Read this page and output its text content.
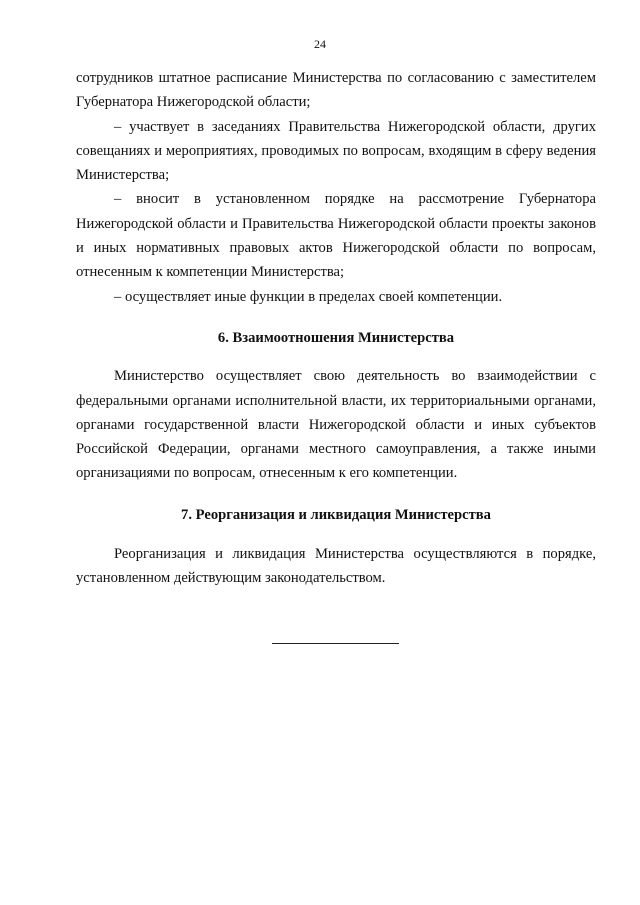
24

сотрудников штатное расписание Министерства по согласованию с заместителем Губернатора Нижегородской области;

– участвует в заседаниях Правительства Нижегородской области, других совещаниях и мероприятиях, проводимых по вопросам, входящим в сферу ведения Министерства;

– вносит в установленном порядке на рассмотрение Губернатора Нижегородской области и Правительства Нижегородской области проекты законов и иных нормативных правовых актов Нижегородской области по вопросам, отнесенным к компетенции Министерства;

– осуществляет иные функции в пределах своей компетенции.

6. Взаимоотношения Министерства

Министерство осуществляет свою деятельность во взаимодействии с федеральными органами исполнительной власти, их территориальными органами, органами государственной власти Нижегородской области и иных субъектов Российской Федерации, органами местного самоуправления, а также иными организациями по вопросам, отнесенным к его компетенции.

7. Реорганизация и ликвидация Министерства

Реорганизация и ликвидация Министерства осуществляются в порядке, установленном действующим законодательством.
